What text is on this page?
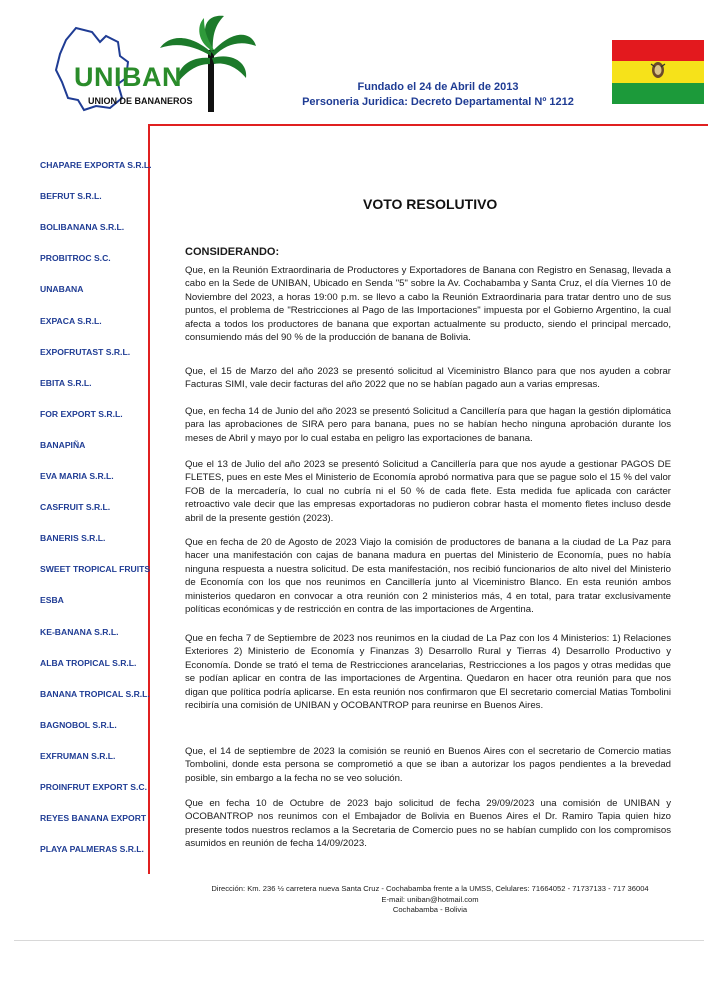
UNIBAN
UNION DE BANANEROS
Fundado el 24 de Abril de 2013
Personeria Juridica: Decreto Departamental Nº 1212
CHAPARE EXPORTA S.R.L.
BEFRUT S.R.L.
BOLIBANANA S.R.L.
PROBITROC S.C.
UNABANA
EXPACA S.R.L.
EXPOFRUTAST S.R.L.
EBITA S.R.L.
FOR EXPORT S.R.L.
BANAPIÑA
EVA MARIA S.R.L.
CASFRUIT S.R.L.
BANERIS S.R.L.
SWEET TROPICAL FRUITS
ESBA
KE-BANANA S.R.L.
ALBA TROPICAL S.R.L.
BANANA TROPICAL S.R.L.
BAGNOBOL S.R.L.
EXFRUMAN S.R.L.
PROINFRUT EXPORT S.C.
REYES BANANA EXPORT
PLAYA PALMERAS S.R.L.
VOTO RESOLUTIVO
CONSIDERANDO:
Que, en la Reunión Extraordinaria de Productores y Exportadores de Banana con Registro en Senasag, llevada a cabo en la Sede de UNIBAN, Ubicado en Senda "5" sobre la Av. Cochabamba y Santa Cruz, el día Viernes 10 de Noviembre del 2023, a horas 19:00 p.m. se llevo a cabo la Reunión Extraordinaria para tratar dentro uno de sus puntos, el problema de "Restricciones al Pago de las Importaciones" impuesta por el Gobierno Argentino, la cual afecta a todos los productores de banana que exportan actualmente su producto, siendo el principal mercado, consumiendo más del 90 % de la producción de banana de Bolivia.
Que, el 15 de Marzo del año 2023 se presentó solicitud al Viceministro Blanco para que nos ayuden a cobrar Facturas SIMI, vale decir facturas del año 2022 que no se habían pagado aun a varias empresas.
Que, en fecha 14 de Junio del año 2023 se presentó Solicitud a Cancillería para que hagan la gestión diplomática para las aprobaciones de SIRA pero para banana, pues no se habían hecho ninguna aprobación durante los meses de Abril y mayo por lo cual estaba en peligro las exportaciones de banana.
Que el 13 de Julio del año 2023 se presentó Solicitud a Cancillería para que nos ayude a gestionar PAGOS DE FLETES, pues en este Mes el Ministerio de Economía aprobó normativa para que se pague solo el 15 % del valor FOB de la mercadería, lo cual no cubría ni el 50 % de cada flete. Esta medida fue aplicada con carácter retroactivo vale decir que las empresas exportadoras no pudieron cobrar hasta el momento fletes incluso desde abril de la presente gestión (2023).
Que en fecha de 20 de Agosto de 2023 Viajo la comisión de productores de banana a la ciudad de La Paz para hacer una manifestación con cajas de banana madura en puertas del Ministerio de Economía, pues no había ninguna respuesta a nuestra solicitud. De esta manifestación, nos recibió funcionarios de alto nivel del Ministerio de Economía con los que nos reunimos en Cancillería junto al Viceministro Blanco. En esta reunión ambos ministerios quedaron en convocar a otra reunión con 2 ministerios más, 4 en total, para tratar exclusivamente políticas económicas y de restricción en contra de las importaciones de Argentina.
Que en fecha 7 de Septiembre de 2023 nos reunimos en la ciudad de La Paz con los 4 Ministerios: 1) Relaciones Exteriores 2) Ministerio de Economía y Finanzas 3) Desarrollo Rural y Tierras 4) Desarrollo Productivo y Economía. Donde se trató el tema de Restricciones arancelarias, Restricciones a los pagos y otras medidas que se podían aplicar en contra de las importaciones de Argentina. Quedaron en hacer otra reunión para que nos digan que política podría aplicarse. En esta reunión nos confirmaron que El secretario comercial Matias Tombolini recibiría una comisión de UNIBAN y OCOBANTROP para reunirse en Buenos Aires.
Que, el 14 de septiembre de 2023 la comisión se reunió en Buenos Aires con el secretario de Comercio matias Tombolini, donde esta persona se comprometió a que se iban a autorizar los pagos pendientes a la brevedad posible, sin embargo a la fecha no se veo solución.
Que en fecha 10 de Octubre de 2023 bajo solicitud de fecha 29/09/2023 una comisión de UNIBAN y OCOBANTROP nos reunimos con el Embajador de Bolivia en Buenos Aires el Dr. Ramiro Tapia quien hizo presente todos nuestros reclamos a la Secretaria de Comercio pues no se habían cumplido con los compromisos asumidos en reunión de fecha 14/09/2023.
Dirección: Km. 236 ½ carretera nueva Santa Cruz - Cochabamba frente a la UMSS, Celulares: 71664052 - 71737133 - 717 36004
E-mail: uniban@hotmail.com
Cochabamba - Bolivia
